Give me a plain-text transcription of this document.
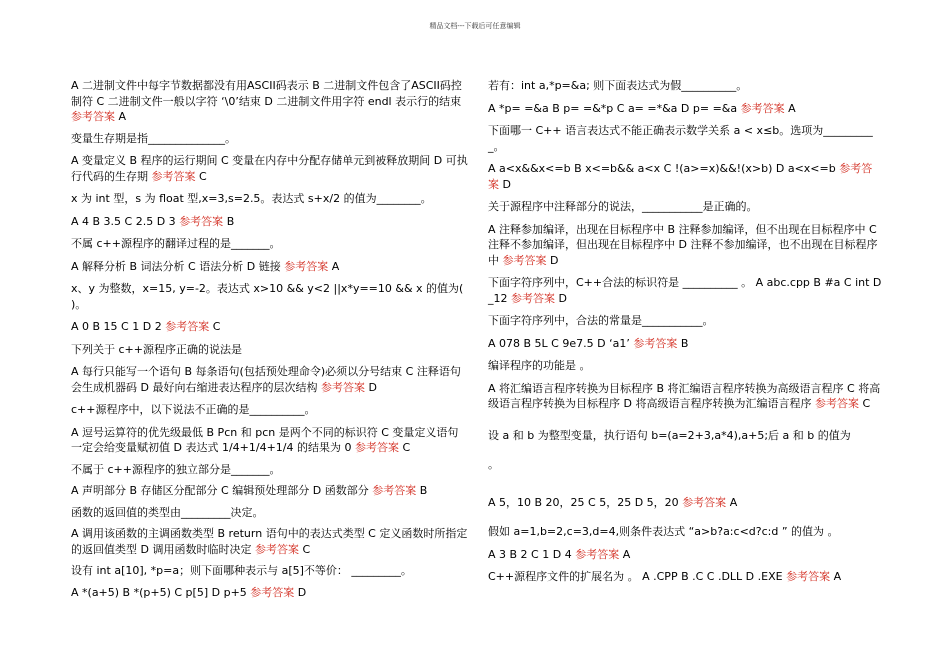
精品文档---下载后可任意编辑

A 二进制文件中每字节数据都没有用ASCII码表示 B 二进制文件包含了ASCII码控制符 C 二进制文件一般以字符 ‘\0’结束 D 二进制文件用字符 endl 表示行的结束 参考答案 A

变量生存期是指______________。

A 变量定义 B 程序的运行期间 C 变量在内存中分配存储单元到被释放期间 D 可执行代码的生存期 参考答案 C

x 为 int 型，s 为 float 型,x=3,s=2.5。表达式 s+x/2 的值为________。

A 4 B 3.5 C 2.5 D 3 参考答案 B

不属 c++源程序的翻译过程的是_______。

A 解释分析 B 词法分析 C 语法分析 D 链接 参考答案 A

x、y 为整数，x=15, y=-2。表达式 x>10 && y<2 ||x*y==10 && x 的值为( )。

A 0 B 15 C 1 D 2 参考答案 C

下列关于 c++源程序正确的说法是

A 每行只能写一个语句 B 每条语句(包括预处理命令)必须以分号结束 C 注释语句会生成机器码 D 最好向右缩进表达程序的层次结构 参考答案 D

c++源程序中，以下说法不正确的是__________。

A 逗号运算符的优先级最低 B Pcn 和 pcn 是两个不同的标识符 C 变量定义语句一定会给变量赋初值 D 表达式 1/4+1/4+1/4 的结果为 0 参考答案 C

不属于 c++源程序的独立部分是_______。

A 声明部分 B 存储区分配部分 C 编辑预处理部分 D 函数部分 参考答案 B

函数的返回值的类型由_________决定。

A 调用该函数的主调函数类型 B return 语句中的表达式类型 C 定义函数时所指定的返回值类型 D 调用函数时临时决定 参考答案 C

设有 int a[10], *p=a；则下面哪种表示与 a[5]不等价： _________。

A *(a+5) B *(p+5) C p[5] D p+5 参考答案 D

若有：int a,*p=&a; 则下面表达式为假__________。

A *p= =&a B p= =&*p C a= =*&a D p= =&a 参考答案 A

下面哪一 C++ 语言表达式不能正确表示数学关系 a < x≤b。选项为__________。

A a<x&&x<=b B x<=b&& a<x C !(a>=x)&&!(x>b) D a<x<=b 参考答案 D

关于源程序中注释部分的说法，___________是正确的。

A 注释参加编译，出现在目标程序中 B 注释参加编译，但不出现在目标程序中 C 注释不参加编译，但出现在目标程序中 D 注释不参加编译，也不出现在目标程序中 参考答案 D

下面字符序列中，C++合法的标识符是 __________ 。 A abc.cpp B #a C int D _12 参考答案 D

下面字符序列中，合法的常量是___________。

A 078 B 5L C 9e7.5 D ‘a1’ 参考答案 B

编译程序的功能是 。

A 将汇编语言程序转换为目标程序 B 将汇编语言程序转换为高级语言程序 C 将高级语言程序转换为目标程序 D 将高级语言程序转换为汇编语言程序 参考答案 C

设 a 和 b 为整型变量，执行语句 b=(a=2+3,a*4),a+5;后 a 和 b 的值为

。

A 5，10 B 20，25 C 5，25 D 5，20 参考答案 A

假如 a=1,b=2,c=3,d=4,则条件表达式 “a>b?a:c<d?c:d ” 的值为 。

A 3 B 2 C 1 D 4 参考答案 A

C++源程序文件的扩展名为 。 A .CPP B .C C .DLL D .EXE 参考答案 A
